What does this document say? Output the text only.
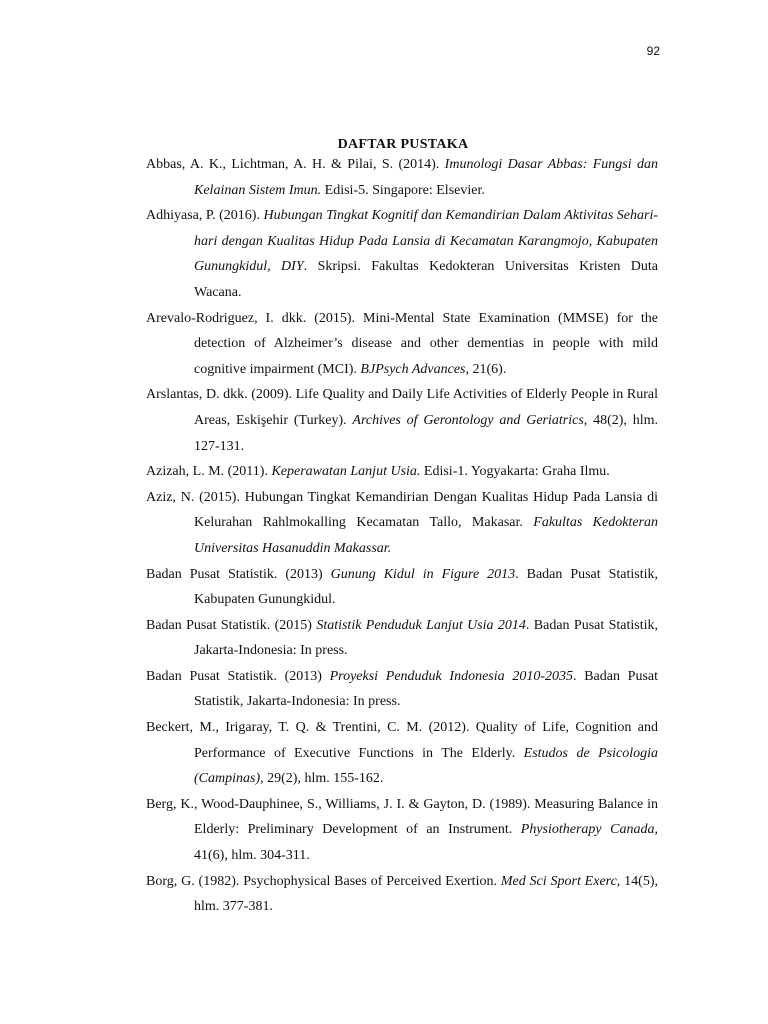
92
DAFTAR PUSTAKA

Abbas, A. K., Lichtman, A. H. & Pilai, S. (2014). Imunologi Dasar Abbas: Fungsi dan Kelainan Sistem Imun. Edisi-5. Singapore: Elsevier.

Adhiyasa, P. (2016). Hubungan Tingkat Kognitif dan Kemandirian Dalam Aktivitas Sehari-hari dengan Kualitas Hidup Pada Lansia di Kecamatan Karangmojo, Kabupaten Gunungkidul, DIY. Skripsi. Fakultas Kedokteran Universitas Kristen Duta Wacana.

Arevalo-Rodriguez, I. dkk. (2015). Mini-Mental State Examination (MMSE) for the detection of Alzheimer’s disease and other dementias in people with mild cognitive impairment (MCI). BJPsych Advances, 21(6).

Arslantas, D. dkk. (2009). Life Quality and Daily Life Activities of Elderly People in Rural Areas, Eskişehir (Turkey). Archives of Gerontology and Geriatrics, 48(2), hlm. 127-131.

Azizah, L. M. (2011). Keperawatan Lanjut Usia. Edisi-1. Yogyakarta: Graha Ilmu.

Aziz, N. (2015). Hubungan Tingkat Kemandirian Dengan Kualitas Hidup Pada Lansia di Kelurahan Rahlmokalling Kecamatan Tallo, Makasar. Fakultas Kedokteran Universitas Hasanuddin Makassar.

Badan Pusat Statistik. (2013) Gunung Kidul in Figure 2013. Badan Pusat Statistik, Kabupaten Gunungkidul.

Badan Pusat Statistik. (2015) Statistik Penduduk Lanjut Usia 2014. Badan Pusat Statistik, Jakarta-Indonesia: In press.

Badan Pusat Statistik. (2013) Proyeksi Penduduk Indonesia 2010-2035. Badan Pusat Statistik, Jakarta-Indonesia: In press.

Beckert, M., Irigaray, T. Q. & Trentini, C. M. (2012). Quality of Life, Cognition and Performance of Executive Functions in The Elderly. Estudos de Psicologia (Campinas), 29(2), hlm. 155-162.

Berg, K., Wood-Dauphinee, S., Williams, J. I. & Gayton, D. (1989). Measuring Balance in Elderly: Preliminary Development of an Instrument. Physiotherapy Canada, 41(6), hlm. 304-311.

Borg, G. (1982). Psychophysical Bases of Perceived Exertion. Med Sci Sport Exerc, 14(5), hlm. 377-381.
